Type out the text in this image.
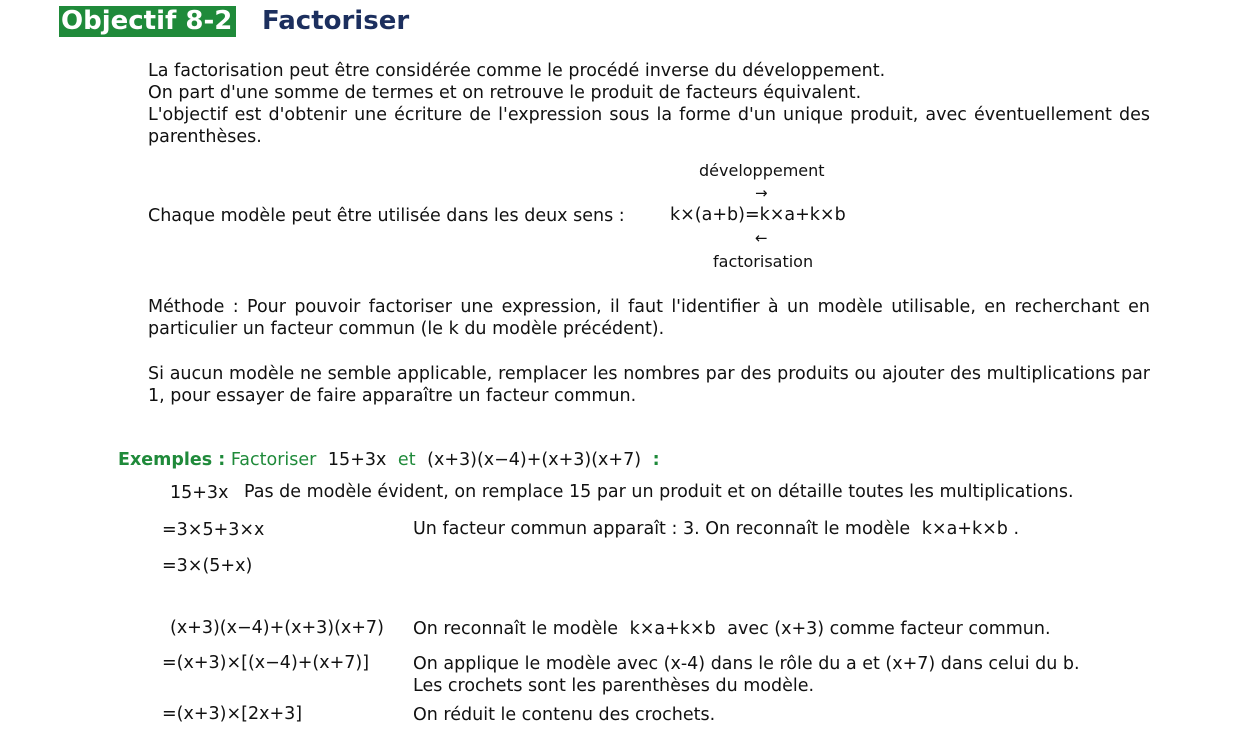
Objectif 8-2 Factoriser
La factorisation peut être considérée comme le procédé inverse du développement.
On part d'une somme de termes et on retrouve le produit de facteurs équivalent.
L'objectif est d'obtenir une écriture de l'expression sous la forme d'un unique produit, avec éventuellement des parenthèses.
Chaque modèle peut être utilisée dans les deux sens :
développement
→
k×(a+b)=k×a+k×b
←
factorisation
Méthode : Pour pouvoir factoriser une expression, il faut l'identifier à un modèle utilisable, en recherchant en particulier un facteur commun (le k du modèle précédent).
Si aucun modèle ne semble applicable, remplacer les nombres par des produits ou ajouter des multiplications par 1, pour essayer de faire apparaître un facteur commun.
Exemples : Factoriser 15+3x et (x+3)(x−4)+(x+3)(x+7) :
15+3x Pas de modèle évident, on remplace 15 par un produit et on détaille toutes les multiplications.
=3×5+3×x	Un facteur commun apparaît : 3. On reconnaît le modèle k×a+k×b .
=3×(5+x)
(x+3)(x−4)+(x+3)(x+7) On reconnaît le modèle k×a+k×b avec (x+3) comme facteur commun.
=(x+3)×[(x−4)+(x+7)]	On applique le modèle avec (x-4) dans le rôle du a et (x+7) dans celui du b.
Les crochets sont les parenthèses du modèle.
=(x+3)×[2x+3]	On réduit le contenu des crochets.
